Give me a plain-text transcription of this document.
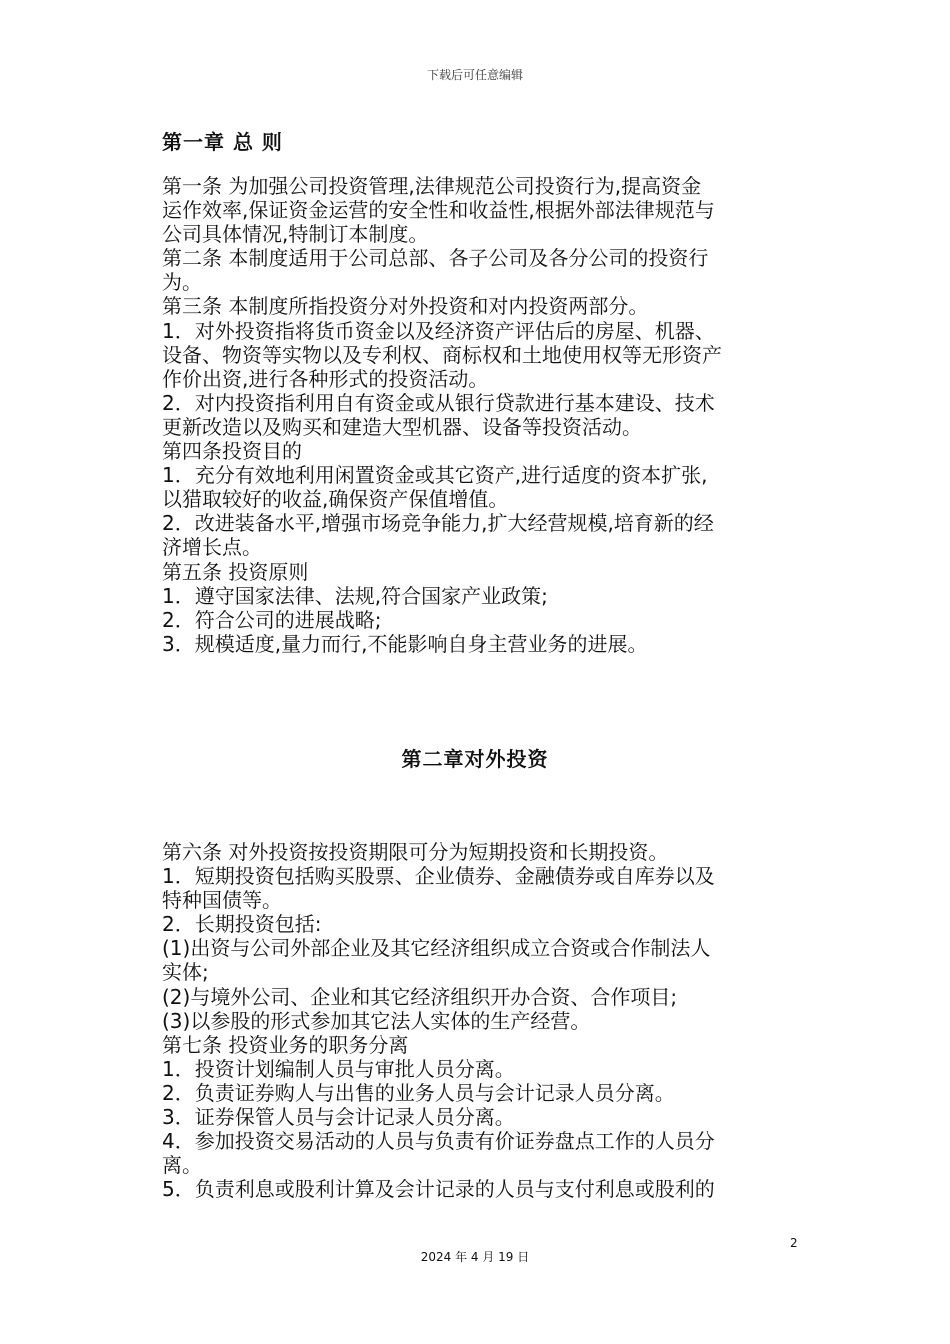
下载后可任意编辑
第一章 总 则
第一条 为加强公司投资管理,法律规范公司投资行为,提高资金
运作效率,保证资金运营的安全性和收益性,根据外部法律规范与
公司具体情况,特制订本制度。
第二条 本制度适用于公司总部、各子公司及各分公司的投资行
为。
第三条 本制度所指投资分对外投资和对内投资两部分。
1．对外投资指将货币资金以及经济资产评估后的房屋、机器、
设备、物资等实物以及专利权、商标权和土地使用权等无形资产
作价出资,进行各种形式的投资活动。
2．对内投资指利用自有资金或从银行贷款进行基本建设、技术
更新改造以及购买和建造大型机器、设备等投资活动。
第四条投资目的
1．充分有效地利用闲置资金或其它资产,进行适度的资本扩张,
以猎取较好的收益,确保资产保值增值。
2．改进装备水平,增强市场竞争能力,扩大经营规模,培育新的经
济增长点。
第五条 投资原则
1．遵守国家法律、法规,符合国家产业政策;
2．符合公司的进展战略;
3．规模适度,量力而行,不能影响自身主营业务的进展。
第二章对外投资
第六条 对外投资按投资期限可分为短期投资和长期投资。
1．短期投资包括购买股票、企业债券、金融债券或自库券以及
特种国债等。
2．长期投资包括:
(1)出资与公司外部企业及其它经济组织成立合资或合作制法人
实体;
(2)与境外公司、企业和其它经济组织开办合资、合作项目;
(3)以参股的形式参加其它法人实体的生产经营。
第七条 投资业务的职务分离
1．投资计划编制人员与审批人员分离。
2．负责证券购人与出售的业务人员与会计记录人员分离。
3．证券保管人员与会计记录人员分离。
4．参加投资交易活动的人员与负责有价证券盘点工作的人员分
离。
5．负责利息或股利计算及会计记录的人员与支付利息或股利的
2
2024 年 4 月 19 日
